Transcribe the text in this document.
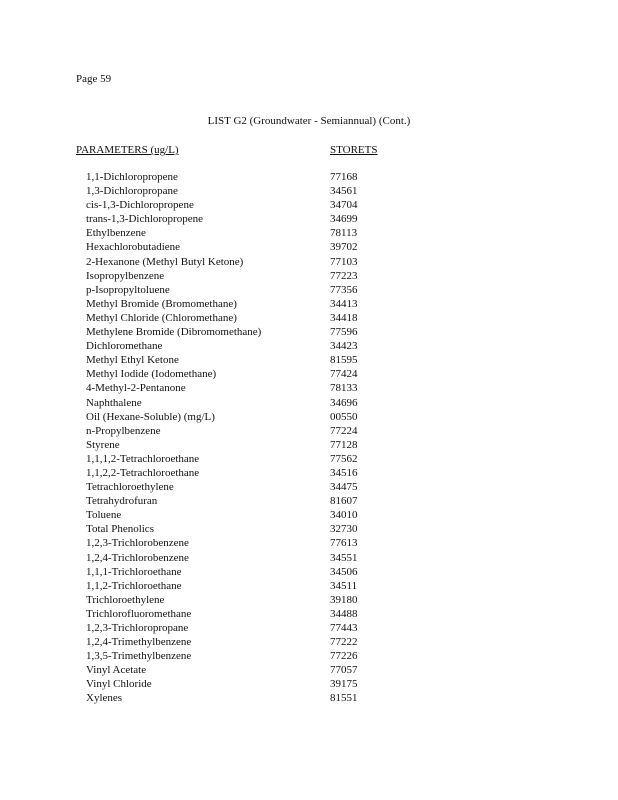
Page 59
LIST G2 (Groundwater - Semiannual) (Cont.)
PARAMETERS (ug/L)	STORETS
1,1-Dichloropropene	77168
1,3-Dichloropropane	34561
cis-1,3-Dichloropropene	34704
trans-1,3-Dichloropropene	34699
Ethylbenzene	78113
Hexachlorobutadiene	39702
2-Hexanone (Methyl Butyl Ketone)	77103
Isopropylbenzene	77223
p-Isopropyltoluene	77356
Methyl Bromide (Bromomethane)	34413
Methyl Chloride (Chloromethane)	34418
Methylene Bromide (Dibromomethane)	77596
Dichloromethane	34423
Methyl Ethyl Ketone	81595
Methyl Iodide (Iodomethane)	77424
4-Methyl-2-Pentanone	78133
Naphthalene	34696
Oil (Hexane-Soluble) (mg/L)	00550
n-Propylbenzene	77224
Styrene	77128
1,1,1,2-Tetrachloroethane	77562
1,1,2,2-Tetrachloroethane	34516
Tetrachloroethylene	34475
Tetrahydrofuran	81607
Toluene	34010
Total Phenolics	32730
1,2,3-Trichlorobenzene	77613
1,2,4-Trichlorobenzene	34551
1,1,1-Trichloroethane	34506
1,1,2-Trichloroethane	34511
Trichloroethylene	39180
Trichlorofluoromethane	34488
1,2,3-Trichloropropane	77443
1,2,4-Trimethylbenzene	77222
1,3,5-Trimethylbenzene	77226
Vinyl Acetate	77057
Vinyl Chloride	39175
Xylenes	81551
